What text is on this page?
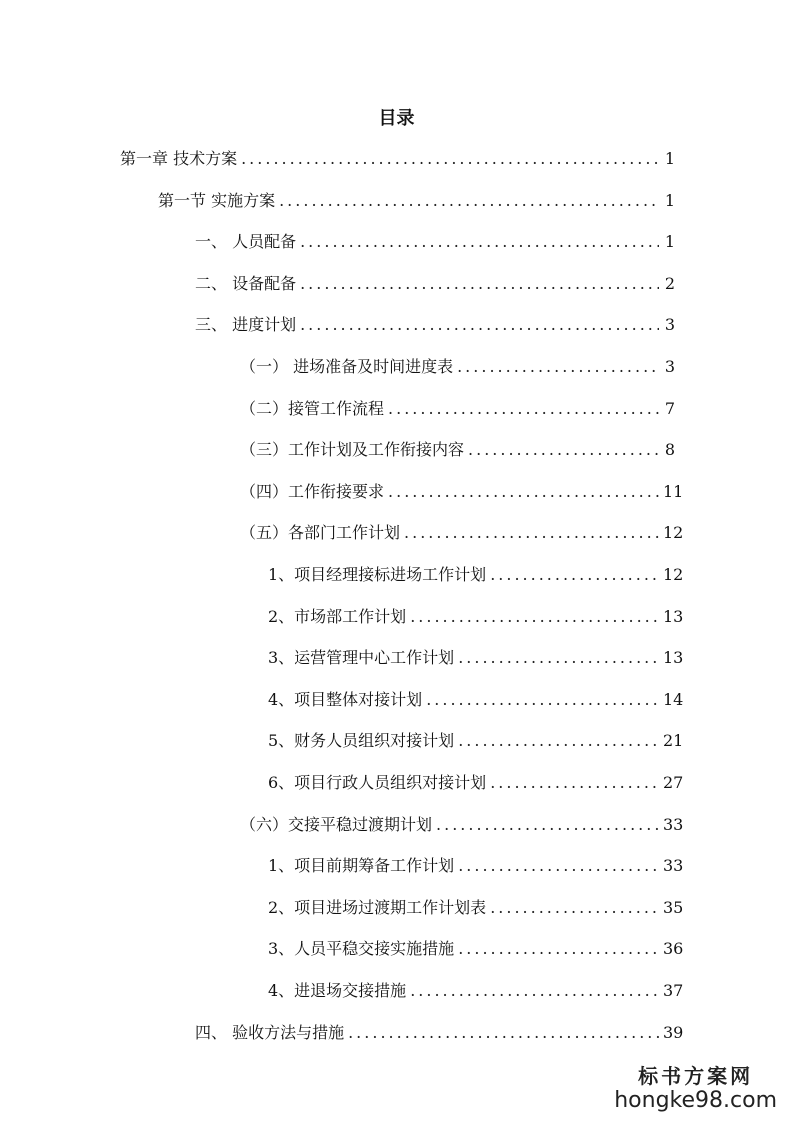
目录
第一章 技术方案 .....	1
第一节 实施方案 .....	1
一、 人员配备 .....	1
二、 设备配备 .....	2
三、 进度计划 .....	3
（一） 进场准备及时间进度表 .....	3
（二）接管工作流程 .....	7
（三）工作计划及工作衔接内容 .....	8
（四）工作衔接要求 .....	11
（五）各部门工作计划 .....	12
1、项目经理接标进场工作计划 .....	12
2、市场部工作计划 .....	13
3、运营管理中心工作计划 .....	13
4、项目整体对接计划 .....	14
5、财务人员组织对接计划 .....	21
6、项目行政人员组织对接计划 .....	27
（六）交接平稳过渡期计划 .....	33
1、项目前期筹备工作计划 .....	33
2、项目进场过渡期工作计划表 .....	35
3、人员平稳交接实施措施 .....	36
4、进退场交接措施 .....	37
四、 验收方法与措施 .....	39
标书方案网
hongke98.com
